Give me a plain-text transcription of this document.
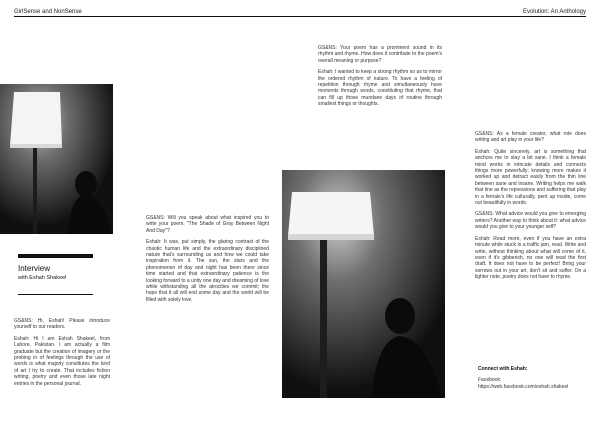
GirlSense and NonSense	Evolution: An Anthology
Interview
with Eshah Shakeel

GS&NS: Hi, Eshah! Please introduce yourself to our readers.

Eshah: Hi I am Eshah Shakeel, from Lahore, Pakistan. I am actually a film graduate but the creation of imagery or the probing in of feelings through the use of words is what majorly constitutes the kind of art I try to create. That includes fiction writing, poetry and even those late night entries in the personal journal.

GS&NS: Will you speak about what inspired you to write your poem, "The Shade of Gray Between Night And Day"?

Eshah: It was, put simply, the glaring contrast of the chaotic human life and the extraordinary disciplined nature that's surrounding us and how we could take inspiration from it. The sun, the stars and the phenomenon of day and night has been there since time started and that extraordinary patience is the looking forward to a unity one day and dreaming of love while withstanding all the atrocities we commit; the hope that it all will end some day and the world will be filled with solely love.

GS&NS: Your poem has a prominent sound in its rhythm and rhyme. How does it contribute to the poem's overall meaning or purpose?

Eshah: I wanted to keep a strong rhythm so as to mirror the ordered rhythm of nature. To have a feeling of repetition through rhyme and simultaneously have moments through words, constituting that rhyme, that can fill up those mundane days of routine through smallest things or thoughts.

GS&NS: As a female creator, what role does writing and art play in your life?

Eshah: Quite sincerely, art is something that anchors me to stay a bit sane. I think a female mind works in intricate details and connects things more powerfully; knowing more makes it worked up and detract easily from the thin line between sane and insane. Writing helps me walk that line as the repressions and suffering that play in a female's life culturally, pent up inside, come out beautifully in words.

GS&NS: What advice would you give to emerging writers? Another way to think about it: what advice would you give to your younger self?

Eshah: Read more, even if you have an extra minute while stuck in a traffic jam, read. Write and write, without thinking about what will come of it, even if it's gibberish, no one will read the first draft. It does not have to be perfect! Bring your sorrows out in your art, don't sit and suffer. On a lighter note, poetry does not have to rhyme.

Connect with Eshah:

Facebook:

https://web.facebook.com/eshah.shakeel
